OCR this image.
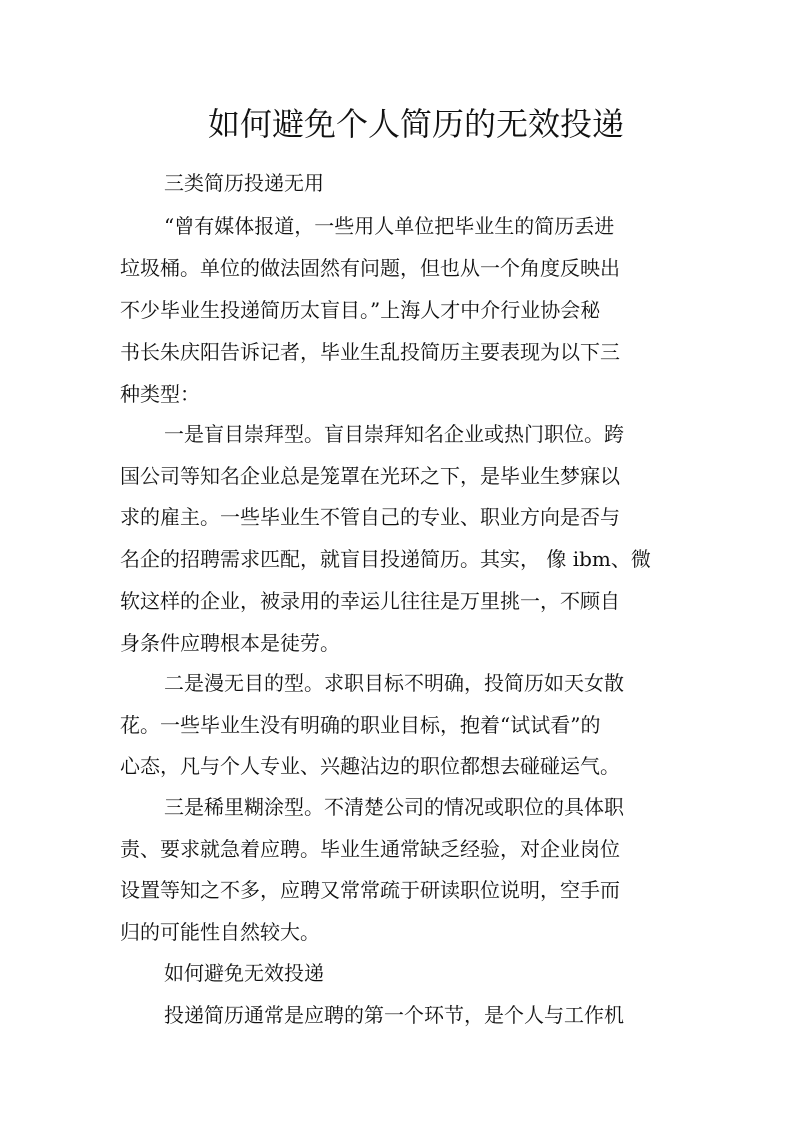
如何避免个人简历的无效投递
三类简历投递无用
“曾有媒体报道，一些用人单位把毕业生的简历丢进
垃圾桶。单位的做法固然有问题，但也从一个角度反映出
不少毕业生投递简历太盲目。”上海人才中介行业协会秘
书长朱庆阳告诉记者，毕业生乱投简历主要表现为以下三
种类型：
一是盲目崇拜型。盲目崇拜知名企业或热门职位。跨
国公司等知名企业总是笼罩在光环之下，是毕业生梦寐以
求的雇主。一些毕业生不管自己的专业、职业方向是否与
名企的招聘需求匹配，就盲目投递简历。其实， 像 ibm、微
软这样的企业，被录用的幸运儿往往是万里挑一，不顾自
身条件应聘根本是徒劳。
二是漫无目的型。求职目标不明确，投简历如天女散
花。一些毕业生没有明确的职业目标，抱着“试试看”的
心态，凡与个人专业、兴趣沾边的职位都想去碰碰运气。
三是稀里糊涂型。不清楚公司的情况或职位的具体职
责、要求就急着应聘。毕业生通常缺乏经验，对企业岗位
设置等知之不多，应聘又常常疏于研读职位说明，空手而
归的可能性自然较大。
如何避免无效投递
投递简历通常是应聘的第一个环节，是个人与工作机
